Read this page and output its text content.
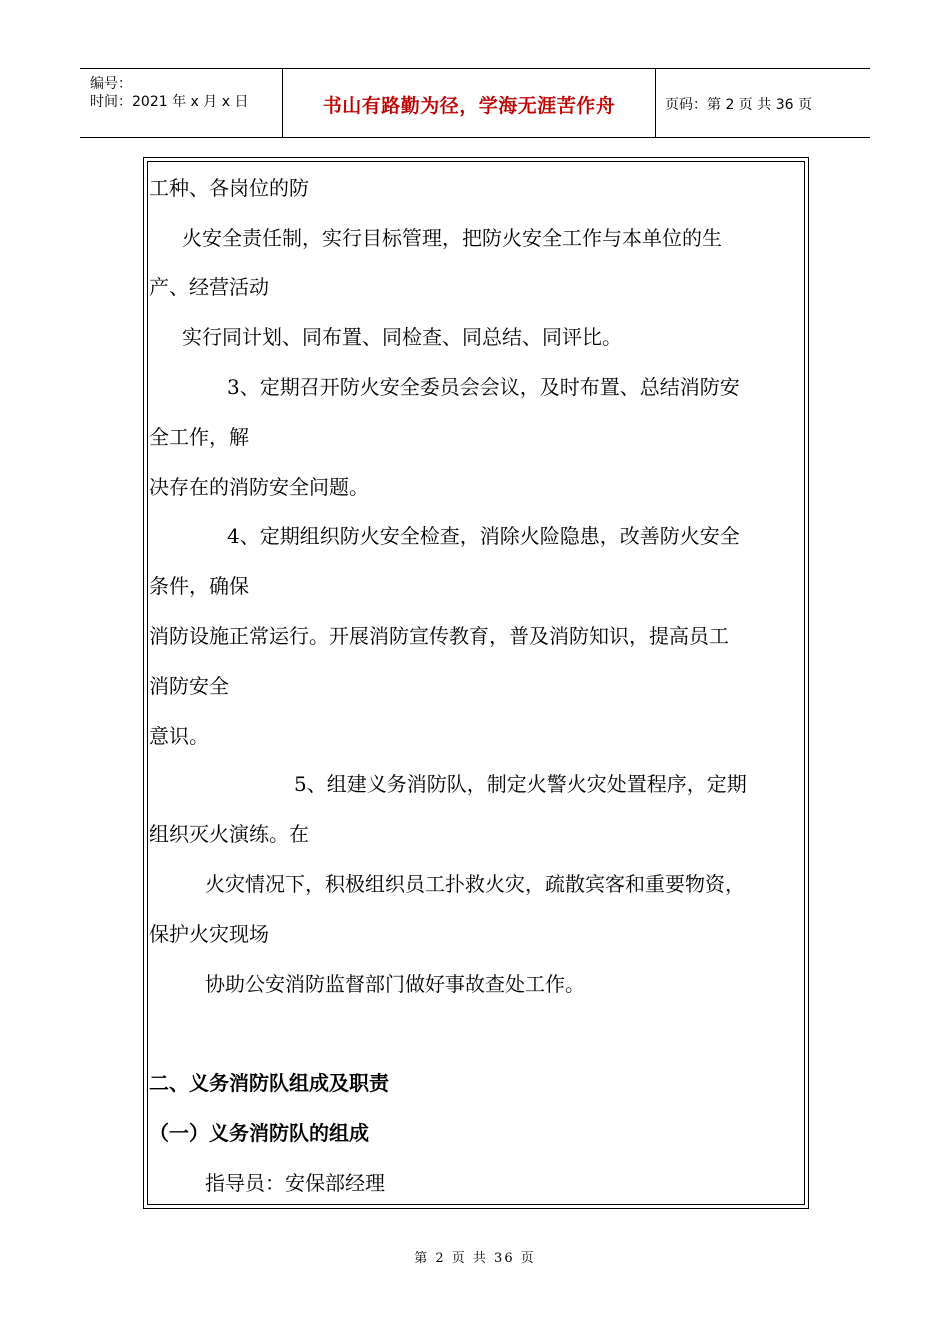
编号：
时间：2021 年 x 月 x 日	书山有路勤为径，学海无涯苦作舟	页码：第 2 页 共 36 页
工种、各岗位的防
火安全责任制，实行目标管理，把防火安全工作与本单位的生
产、经营活动
实行同计划、同布置、同检查、同总结、同评比。
3、定期召开防火安全委员会会议，及时布置、总结消防安
全工作，解
决存在的消防安全问题。
4、定期组织防火安全检查，消除火险隐患，改善防火安全
条件，确保
消防设施正常运行。开展消防宣传教育，普及消防知识，提高员工
消防安全
意识。
5、组建义务消防队，制定火警火灾处置程序，定期
组织灭火演练。在
火灾情况下，积极组织员工扑救火灾，疏散宾客和重要物资，
保护火灾现场
协助公安消防监督部门做好事故查处工作。
二、义务消防队组成及职责
（一）义务消防队的组成
指导员：安保部经理
第 2 页 共 36 页
